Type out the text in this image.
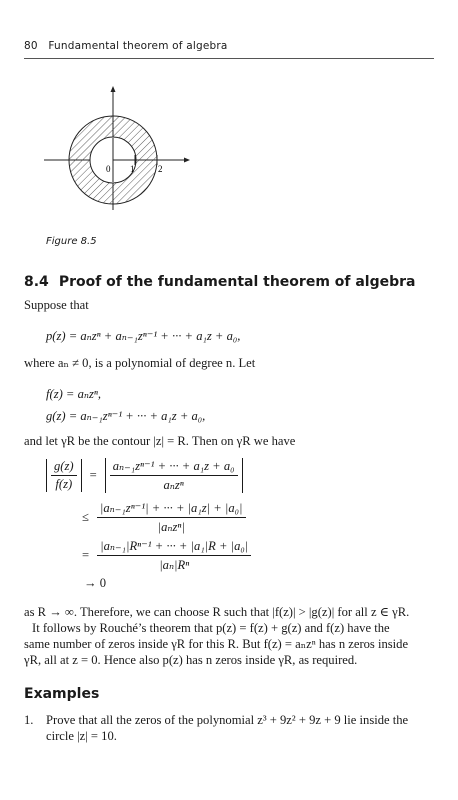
80 Fundamental theorem of algebra
0 1	2
Figure 8.5
8.4 Proof of the fundamental theorem of algebra
Suppose that
p(z) = aₙzⁿ + aₙ₋₁zⁿ⁻¹ + ··· + a₁z + a₀,
where aₙ ≠ 0, is a polynomial of degree n. Let
f(z) = aₙzⁿ,
g(z) = aₙ₋₁zⁿ⁻¹ + ··· + a₁z + a₀,
and let γR be the contour |z| = R. Then on γR we have
$\frac{g(z)}{f(z)} = \frac{\text{aₙ₋₁zⁿ⁻¹ + ··· + a₁z + a₀}}{\text{aₙzⁿ}}$
≤ $\frac{\text{|aₙ₋₁zⁿ⁻¹| + ··· + |a₁z| + |a₀|}}{\text{|aₙzⁿ|}}$
= $\frac{\text{|aₙ₋₁|Rⁿ⁻¹ + ··· + |a₁|R + |a₀|}}{\text{|aₙ|Rⁿ}}$
→ 0
as R → ∞. Therefore, we can choose R such that |f(z)| > |g(z)| for all z ∈ γR.
It follows by Rouché’s theorem that p(z) = f(z) + g(z) and f(z) have the
same number of zeros inside γR for this R. But f(z) = aₙzⁿ has n zeros inside
γR, all at z = 0. Hence also p(z) has n zeros inside γR, as required.
Examples
1. Prove that all the zeros of the polynomial z³ + 9z² + 9z + 9 lie inside the
circle |z| = 10.
